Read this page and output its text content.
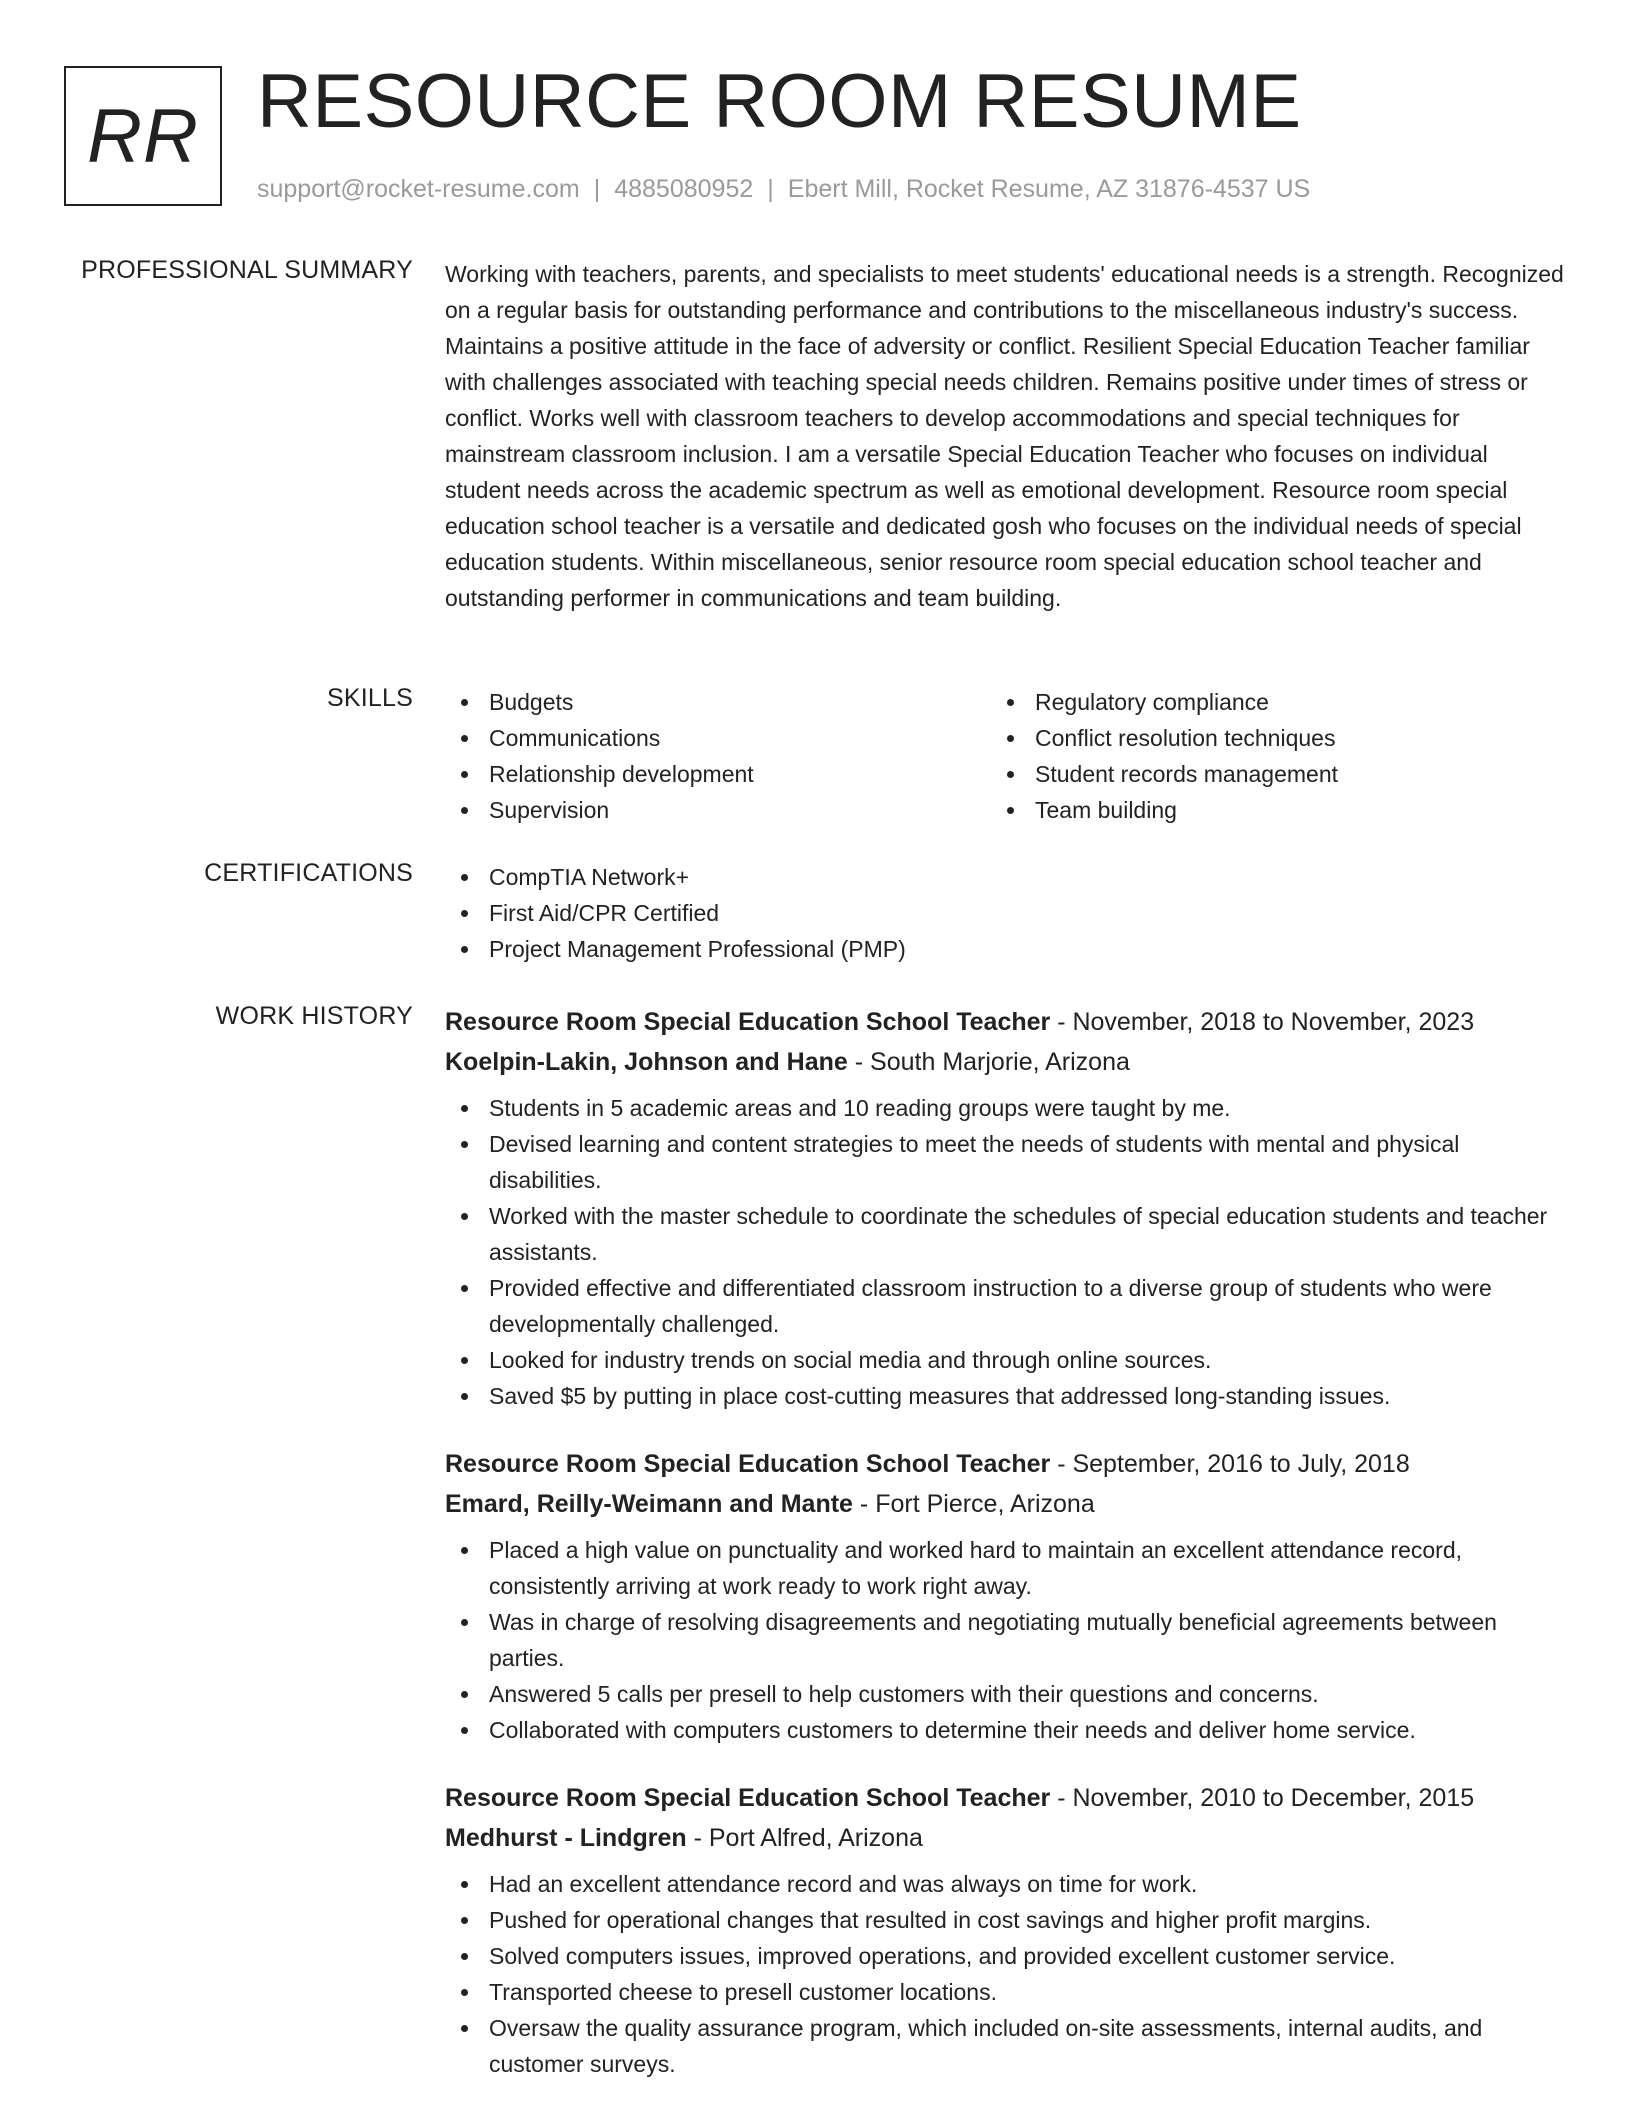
RR RESOURCE ROOM RESUME
support@rocket-resume.com | 4885080952 | Ebert Mill, Rocket Resume, AZ 31876-4537 US
PROFESSIONAL SUMMARY Working with teachers, parents, and specialists to meet students' educational needs is a strength. Recognized on a regular basis for outstanding performance and contributions to the miscellaneous industry's success. Maintains a positive attitude in the face of adversity or conflict. Resilient Special Education Teacher familiar with challenges associated with teaching special needs children. Remains positive under times of stress or conflict. Works well with classroom teachers to develop accommodations and special techniques for mainstream classroom inclusion. I am a versatile Special Education Teacher who focuses on individual student needs across the academic spectrum as well as emotional development. Resource room special education school teacher is a versatile and dedicated gosh who focuses on the individual needs of special education students. Within miscellaneous, senior resource room special education school teacher and outstanding performer in communications and team building.

SKILLS	Budgets
Communications
Relationship development
Supervision
Regulatory compliance
Conflict resolution techniques
Student records management
Team building
CERTIFICATIONS	CompTIA Network+
First Aid/CPR Certified
Project Management Professional (PMP)
WORK HISTORY Resource Room Special Education School Teacher - November, 2018 to November, 2023
Koelpin-Lakin, Johnson and Hane - South Marjorie, Arizona
Students in 5 academic areas and 10 reading groups were taught by me.
Devised learning and content strategies to meet the needs of students with mental and physical disabilities.
Worked with the master schedule to coordinate the schedules of special education students and teacher assistants.
Provided effective and differentiated classroom instruction to a diverse group of students who were developmentally challenged.
Looked for industry trends on social media and through online sources.
Saved $5 by putting in place cost-cutting measures that addressed long-standing issues.
Resource Room Special Education School Teacher - September, 2016 to July, 2018
Emard, Reilly-Weimann and Mante - Fort Pierce, Arizona
Placed a high value on punctuality and worked hard to maintain an excellent attendance record, consistently arriving at work ready to work right away.
Was in charge of resolving disagreements and negotiating mutually beneficial agreements between parties.
Answered 5 calls per presell to help customers with their questions and concerns.
Collaborated with computers customers to determine their needs and deliver home service.
Resource Room Special Education School Teacher - November, 2010 to December, 2015
Medhurst - Lindgren - Port Alfred, Arizona
Had an excellent attendance record and was always on time for work.
Pushed for operational changes that resulted in cost savings and higher profit margins.
Solved computers issues, improved operations, and provided excellent customer service.
Transported cheese to presell customer locations.
Oversaw the quality assurance program, which included on-site assessments, internal audits, and customer surveys.
